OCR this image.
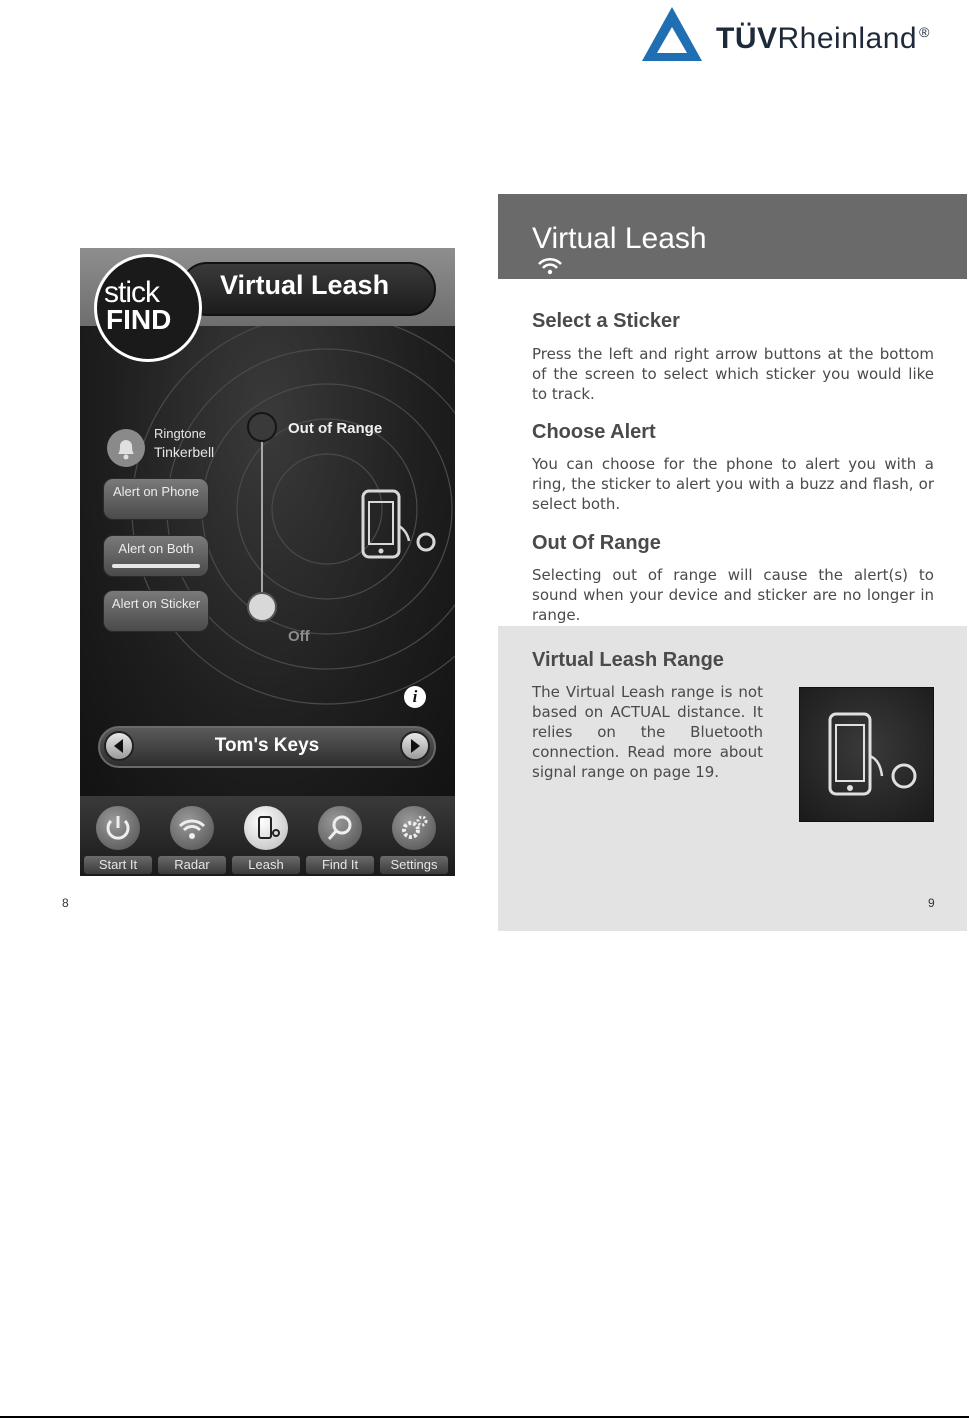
TÜVRheinland ®
Virtual Leash
stick
FIND
Ringtone
Tinkerbell
Alert on Phone
Alert on Both
Alert on Sticker
Out of Range
Off
i
Tom's Keys
Start It	Radar	Leash	Find It	Settings
8
Virtual Leash
Select a Sticker
Press the left and right arrow buttons at the bottom of the screen to select which sticker you would like to track.
Choose Alert
You can choose for the phone to alert you with a ring, the sticker to alert you with a buzz and flash, or select both.
Out Of Range
Selecting out of range will cause the alert(s) to sound when your device and sticker are no longer in range.
Virtual Leash Range
The Virtual Leash range is not based on ACTUAL distance. It relies on the Bluetooth connection. Read more about signal range on page 19.
9
